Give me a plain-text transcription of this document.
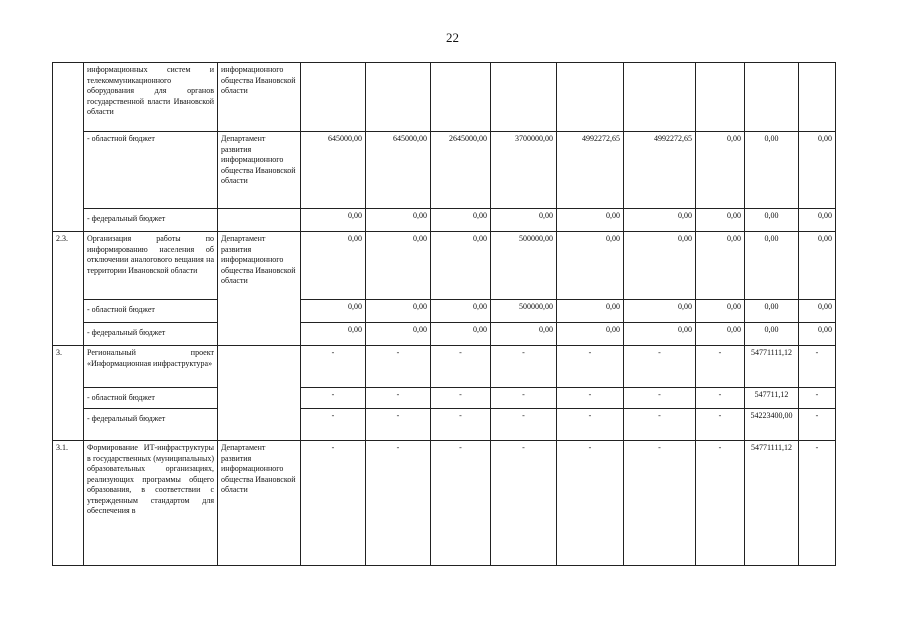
22
	информационных систем и телекоммуникационного оборудования для органов государственной власти Ивановской области	информационного общества Ивановской области									
	- областной бюджет	Департамент развития информационного общества Ивановской области	645000,00	645000,00	2645000,00	3700000,00	4992272,65	4992272,65	0,00	0,00	0,00
	- федеральный бюджет		0,00	0,00	0,00	0,00	0,00	0,00	0,00	0,00	0,00
2.3.	Организация работы по информированию населения об отключении аналогового вещания на территории Ивановской области	Департамент развития информационного общества Ивановской области	0,00	0,00	0,00	500000,00	0,00	0,00	0,00	0,00	0,00
	- областной бюджет		0,00	0,00	0,00	500000,00	0,00	0,00	0,00	0,00	0,00
	- федеральный бюджет		0,00	0,00	0,00	0,00	0,00	0,00	0,00	0,00	0,00
3.	Региональный проект «Информационная инфраструктура»		-	-	-	-	-	-	-	54771111,12	-
	- областной бюджет		-	-	-	-	-	-	-	547711,12	-
	- федеральный бюджет		-	-	-	-	-	-	-	54223400,00	-
3.1.	Формирование ИТ-инфраструктуры в государственных (муниципальных) образовательных организациях, реализующих программы общего образования, в соответствии с утвержденным стандартом для обеспечения в	Департамент развития информационного общества Ивановской области	-	-	-	-	-	-	-	54771111,12	-
